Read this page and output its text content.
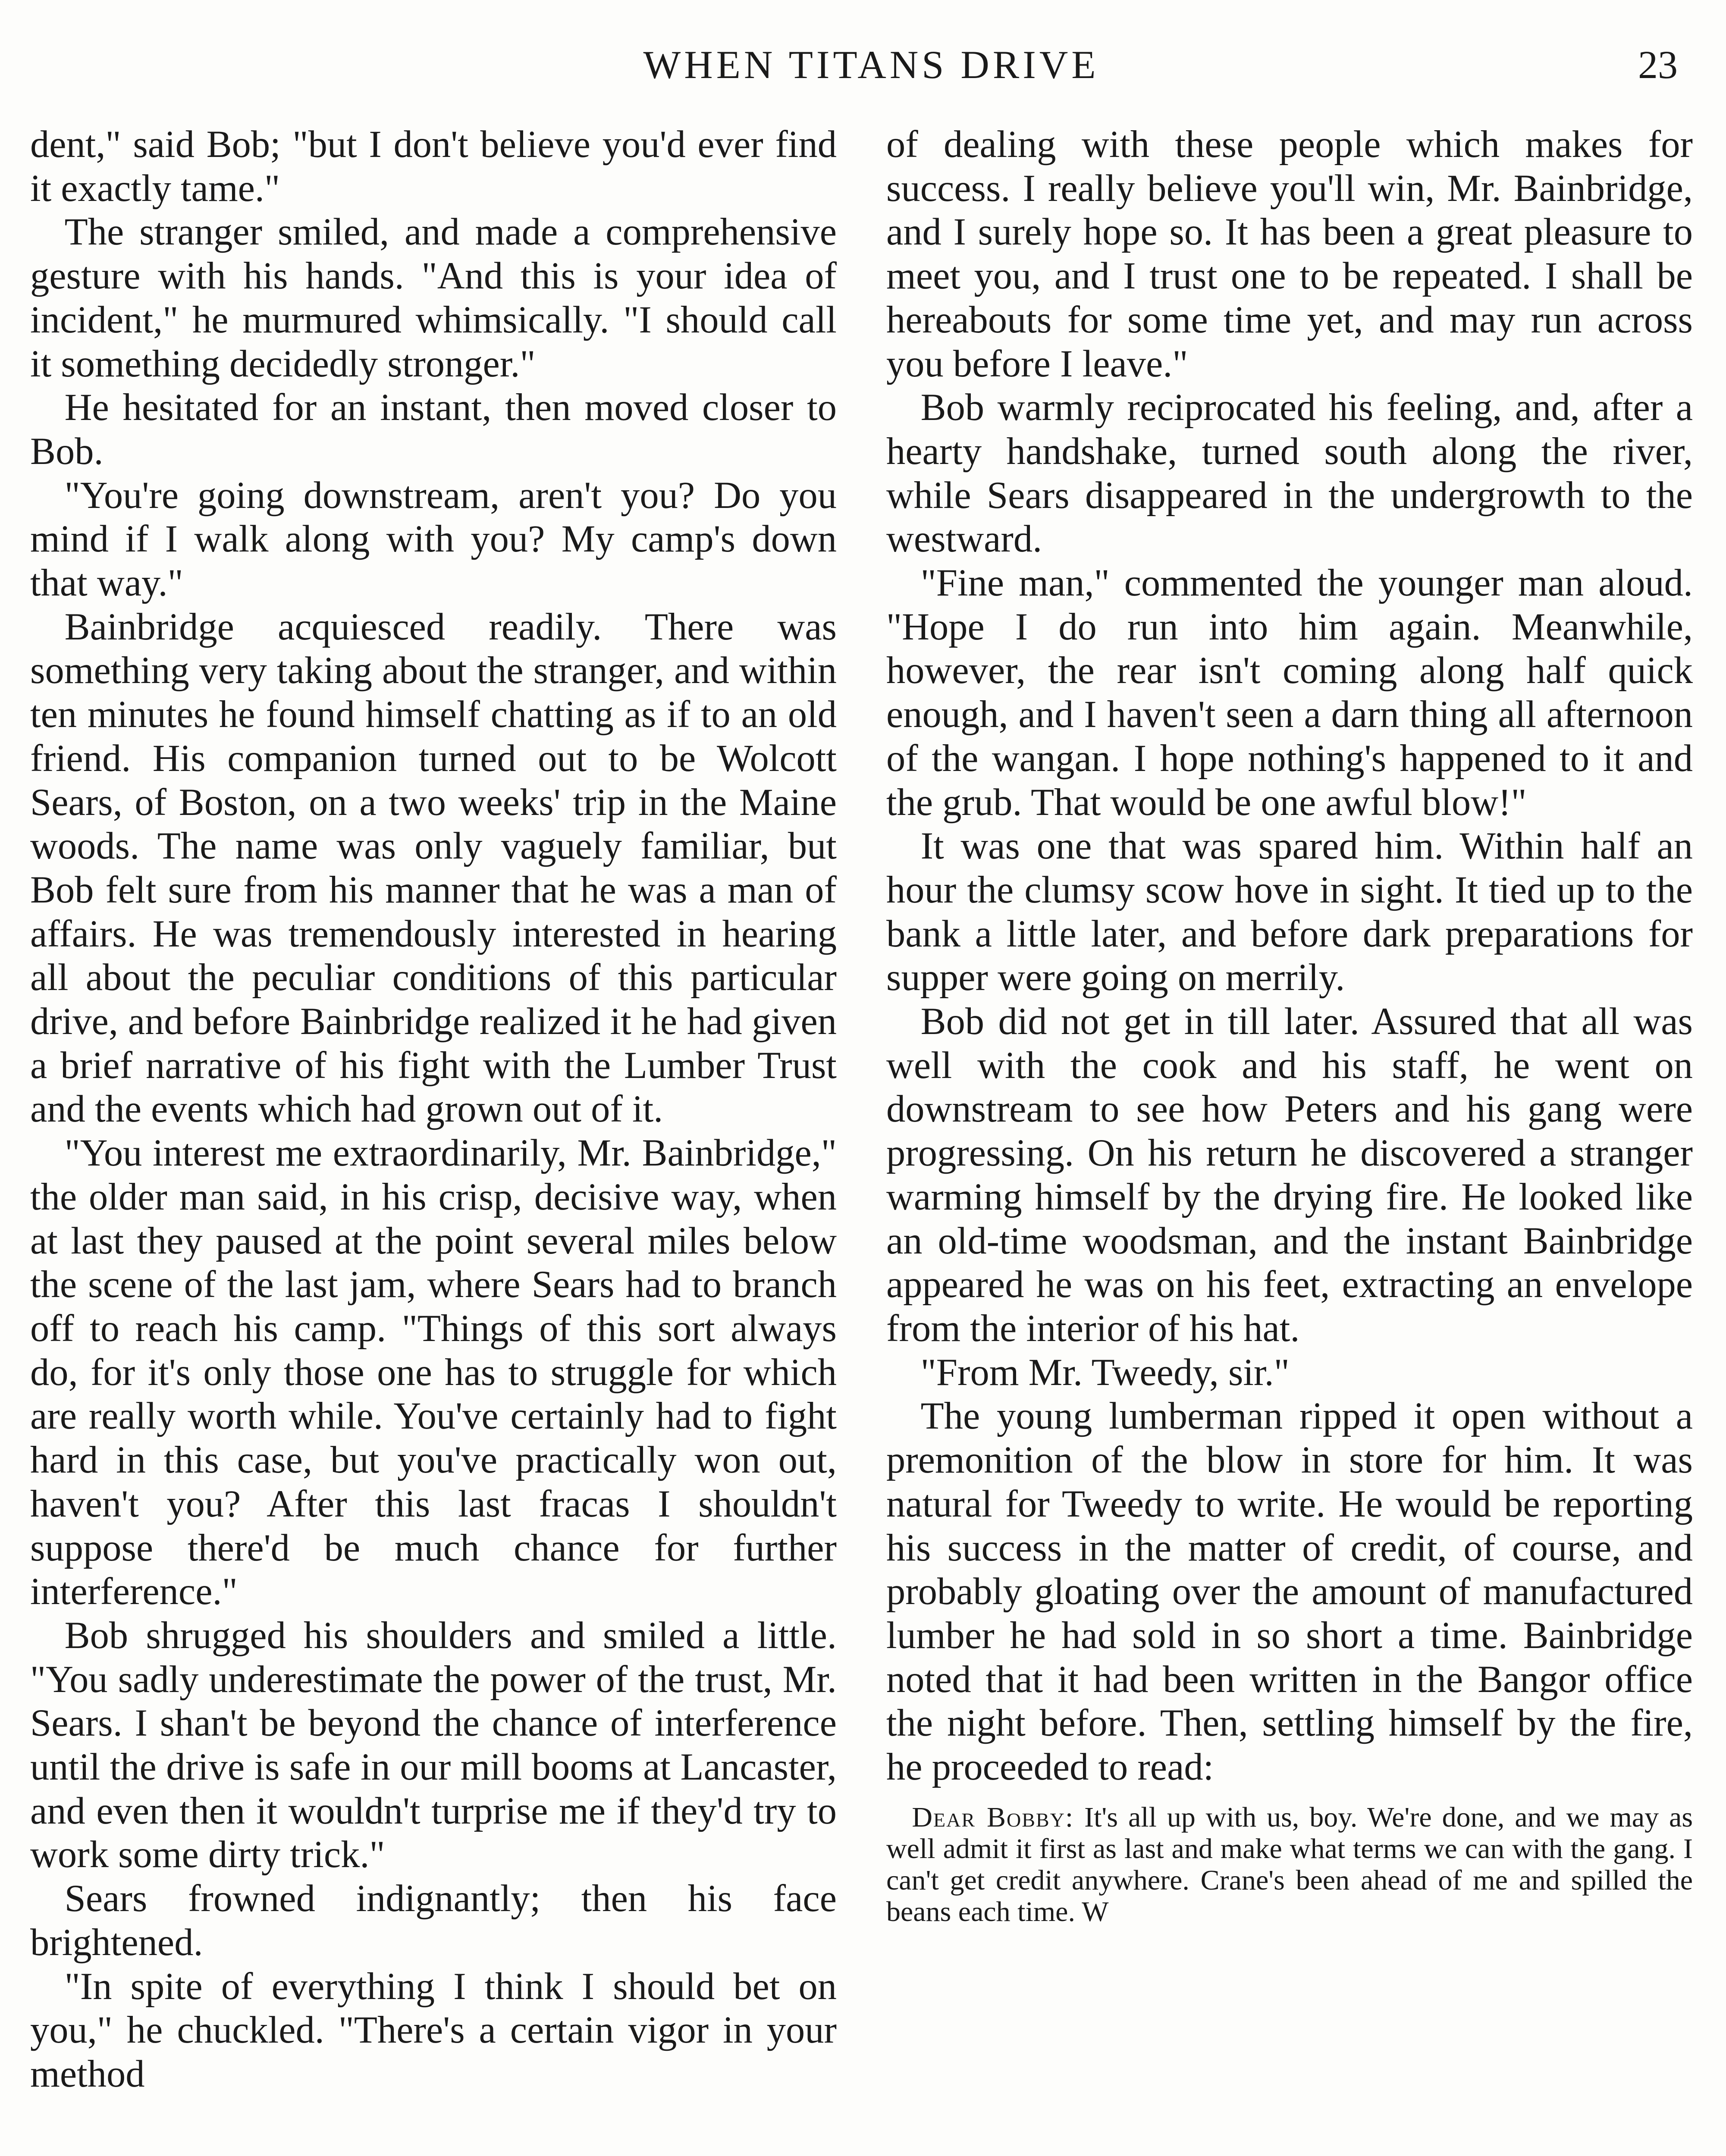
WHEN TITANS DRIVE	23

dent," said Bob; "but I don't believe you'd ever find it exactly tame."

The stranger smiled, and made a comprehensive gesture with his hands. "And this is your idea of incident," he murmured whimsically. "I should call it something decidedly stronger."

He hesitated for an instant, then moved closer to Bob.

"You're going downstream, aren't you? Do you mind if I walk along with you? My camp's down that way."

Bainbridge acquiesced readily. There was something very taking about the stranger, and within ten minutes he found himself chatting as if to an old friend. His companion turned out to be Wolcott Sears, of Boston, on a two weeks' trip in the Maine woods. The name was only vaguely familiar, but Bob felt sure from his manner that he was a man of affairs. He was tremendously interested in hearing all about the peculiar conditions of this particular drive, and before Bainbridge realized it he had given a brief narrative of his fight with the Lumber Trust and the events which had grown out of it.

"You interest me extraordinarily, Mr. Bainbridge," the older man said, in his crisp, decisive way, when at last they paused at the point several miles below the scene of the last jam, where Sears had to branch off to reach his camp. "Things of this sort always do, for it's only those one has to struggle for which are really worth while. You've certainly had to fight hard in this case, but you've practically won out, haven't you? After this last fracas I shouldn't suppose there'd be much chance for further interference."

Bob shrugged his shoulders and smiled a little. "You sadly underestimate the power of the trust, Mr. Sears. I shan't be beyond the chance of interference until the drive is safe in our mill booms at Lancaster, and even then it wouldn't turprise me if they'd try to work some dirty trick."

Sears frowned indignantly; then his face brightened.

"In spite of everything I think I should bet on you," he chuckled. "There's a certain vigor in your method

of dealing with these people which makes for success. I really believe you'll win, Mr. Bainbridge, and I surely hope so. It has been a great pleasure to meet you, and I trust one to be repeated. I shall be hereabouts for some time yet, and may run across you before I leave."

Bob warmly reciprocated his feeling, and, after a hearty handshake, turned south along the river, while Sears disappeared in the undergrowth to the westward.

"Fine man," commented the younger man aloud. "Hope I do run into him again. Meanwhile, however, the rear isn't coming along half quick enough, and I haven't seen a darn thing all afternoon of the wangan. I hope nothing's happened to it and the grub. That would be one awful blow!"

It was one that was spared him. Within half an hour the clumsy scow hove in sight. It tied up to the bank a little later, and before dark preparations for supper were going on merrily.

Bob did not get in till later. Assured that all was well with the cook and his staff, he went on downstream to see how Peters and his gang were progressing. On his return he discovered a stranger warming himself by the drying fire. He looked like an old-time woodsman, and the instant Bainbridge appeared he was on his feet, extracting an envelope from the interior of his hat.

"From Mr. Tweedy, sir."

The young lumberman ripped it open without a premonition of the blow in store for him. It was natural for Tweedy to write. He would be reporting his success in the matter of credit, of course, and probably gloating over the amount of manufactured lumber he had sold in so short a time. Bainbridge noted that it had been written in the Bangor office the night before. Then, settling himself by the fire, he proceeded to read:

Dear Bobby: It's all up with us, boy. We're done, and we may as well admit it first as last and make what terms we can with the gang. I can't get credit anywhere. Crane's been ahead of me and spilled the beans each time. W
